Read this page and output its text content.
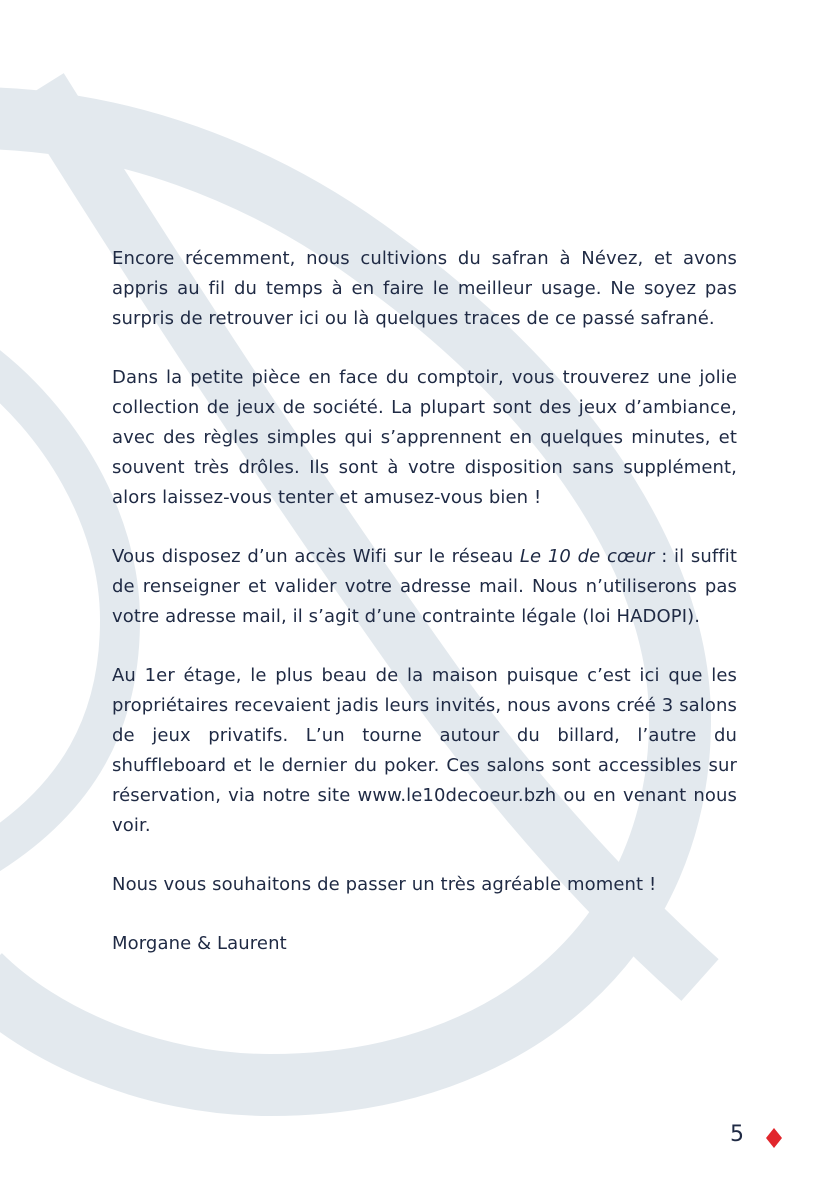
Encore récemment, nous cultivions du safran à Névez, et avons appris au fil du temps à en faire le meilleur usage. Ne soyez pas surpris de retrouver ici ou là quelques traces de ce passé safrané.

Dans la petite pièce en face du comptoir, vous trouverez une jolie collection de jeux de société. La plupart sont des jeux d’ambiance, avec des règles simples qui s’apprennent en quelques minutes, et souvent très drôles. Ils sont à votre disposition sans supplément, alors laissez-vous tenter et amusez-vous bien !

Vous disposez d’un accès Wifi sur le réseau Le 10 de cœur : il suffit de renseigner et valider votre adresse mail. Nous n’utiliserons pas votre adresse mail, il s’agit d’une contrainte légale (loi HADOPI).

Au 1er étage, le plus beau de la maison puisque c’est ici que les propriétaires recevaient jadis leurs invités, nous avons créé 3 salons de jeux privatifs. L’un tourne autour du billard, l’autre du shuffleboard et le dernier du poker. Ces salons sont accessibles sur réservation, via notre site www.le10decoeur.bzh ou en venant nous voir.

Nous vous souhaitons de passer un très agréable moment !

Morgane & Laurent

5
